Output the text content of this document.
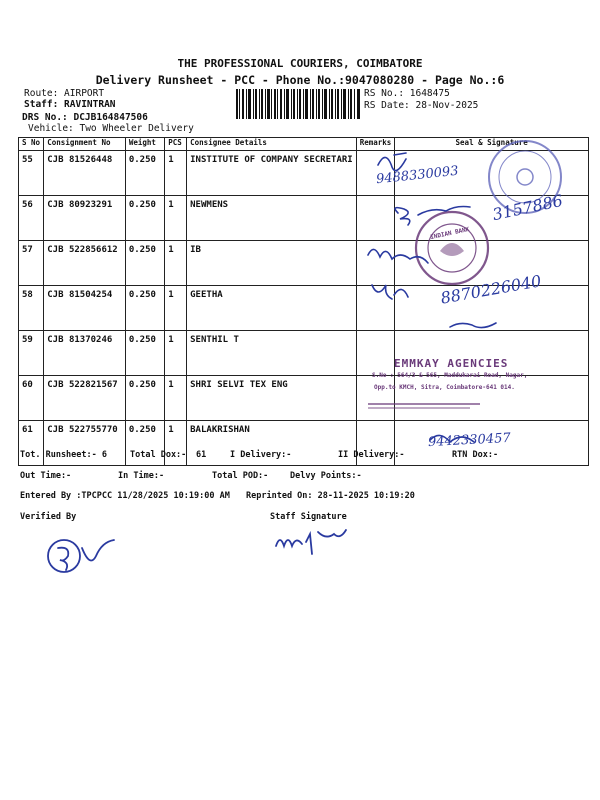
THE PROFESSIONAL COURIERS, COIMBATORE
Delivery Runsheet - PCC - Phone No.:9047080280 - Page No.:6
Route: AIRPORT
Staff: RAVINTRAN
DRS No.: DCJB164847506
Vehicle: Two Wheeler Delivery
RS No.: 1648475
RS Date: 28-Nov-2025
S No	Consignment No	Weight	PCS	Consignee Details	Remarks	Seal & Signature
55	CJB 81526448	0.250	1	INSTITUTE OF COMPANY SECRETARI		
56	CJB 80923291	0.250	1	NEWMENS		
57	CJB 522856612	0.250	1	IB		
58	CJB 81504254	0.250	1	GEETHA		
59	CJB 81370246	0.250	1	SENTHIL T		
60	CJB 522821567	0.250	1	SHRI SELVI TEX ENG		
61	CJB 522755770	0.250	1	BALAKRISHAN		
9488330093
3157886
8870226040
9442330457
INDIAN BANK
EMMKAY AGENCIES
S.No : 564/3 & 565, Maddukarai Road, Nagar,
Opp.to KMCH, Sitra, Coimbatore-641 014.
Tot. Runsheet:- 6	Total Dox:- 61	I Delivery:-	II Delivery:-	RTN Dox:-
Out Time:-	In Time:-	Total POD:-	Delvy Points:-
Entered By :TPCPCC 11/28/2025 10:19:00 AM Reprinted On: 28-11-2025 10:19:20
Verified By	Staff Signature
